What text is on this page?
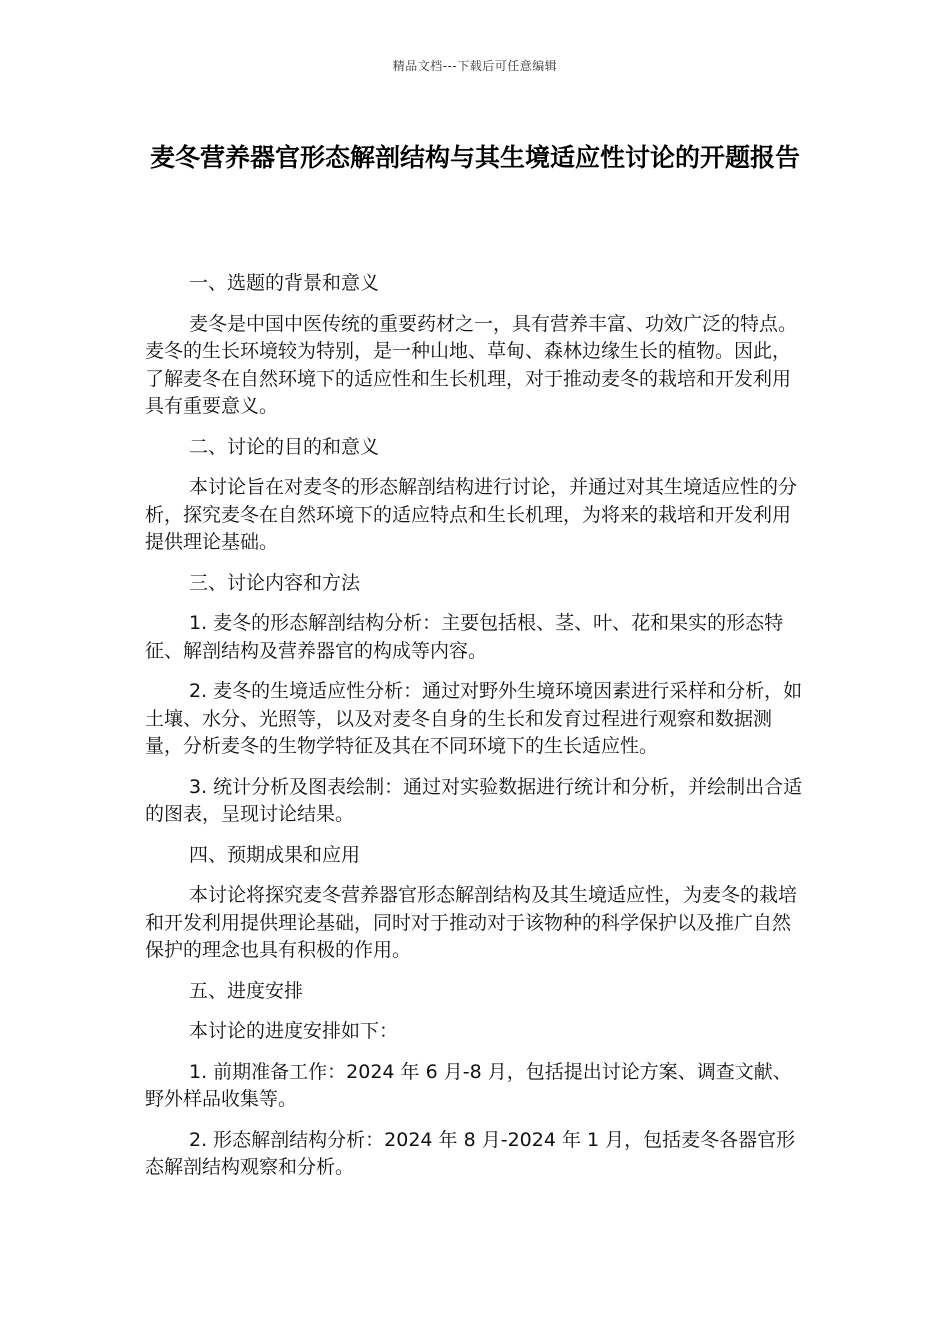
精品文档---下载后可任意编辑
麦冬营养器官形态解剖结构与其生境适应性讨论的开题报告

一、选题的背景和意义

麦冬是中国中医传统的重要药材之一，具有营养丰富、功效广泛的特点。麦冬的生长环境较为特别，是一种山地、草甸、森林边缘生长的植物。因此，了解麦冬在自然环境下的适应性和生长机理，对于推动麦冬的栽培和开发利用具有重要意义。

二、讨论的目的和意义

本讨论旨在对麦冬的形态解剖结构进行讨论，并通过对其生境适应性的分析，探究麦冬在自然环境下的适应特点和生长机理，为将来的栽培和开发利用提供理论基础。

三、讨论内容和方法

1. 麦冬的形态解剖结构分析：主要包括根、茎、叶、花和果实的形态特征、解剖结构及营养器官的构成等内容。

2. 麦冬的生境适应性分析：通过对野外生境环境因素进行采样和分析，如土壤、水分、光照等，以及对麦冬自身的生长和发育过程进行观察和数据测量，分析麦冬的生物学特征及其在不同环境下的生长适应性。

3. 统计分析及图表绘制：通过对实验数据进行统计和分析，并绘制出合适的图表，呈现讨论结果。

四、预期成果和应用

本讨论将探究麦冬营养器官形态解剖结构及其生境适应性，为麦冬的栽培和开发利用提供理论基础，同时对于推动对于该物种的科学保护以及推广自然保护的理念也具有积极的作用。

五、进度安排

本讨论的进度安排如下：

1. 前期准备工作：2024 年 6 月-8 月，包括提出讨论方案、调查文献、野外样品收集等。

2. 形态解剖结构分析：2024 年 8 月-2024 年 1 月，包括麦冬各器官形态解剖结构观察和分析。
